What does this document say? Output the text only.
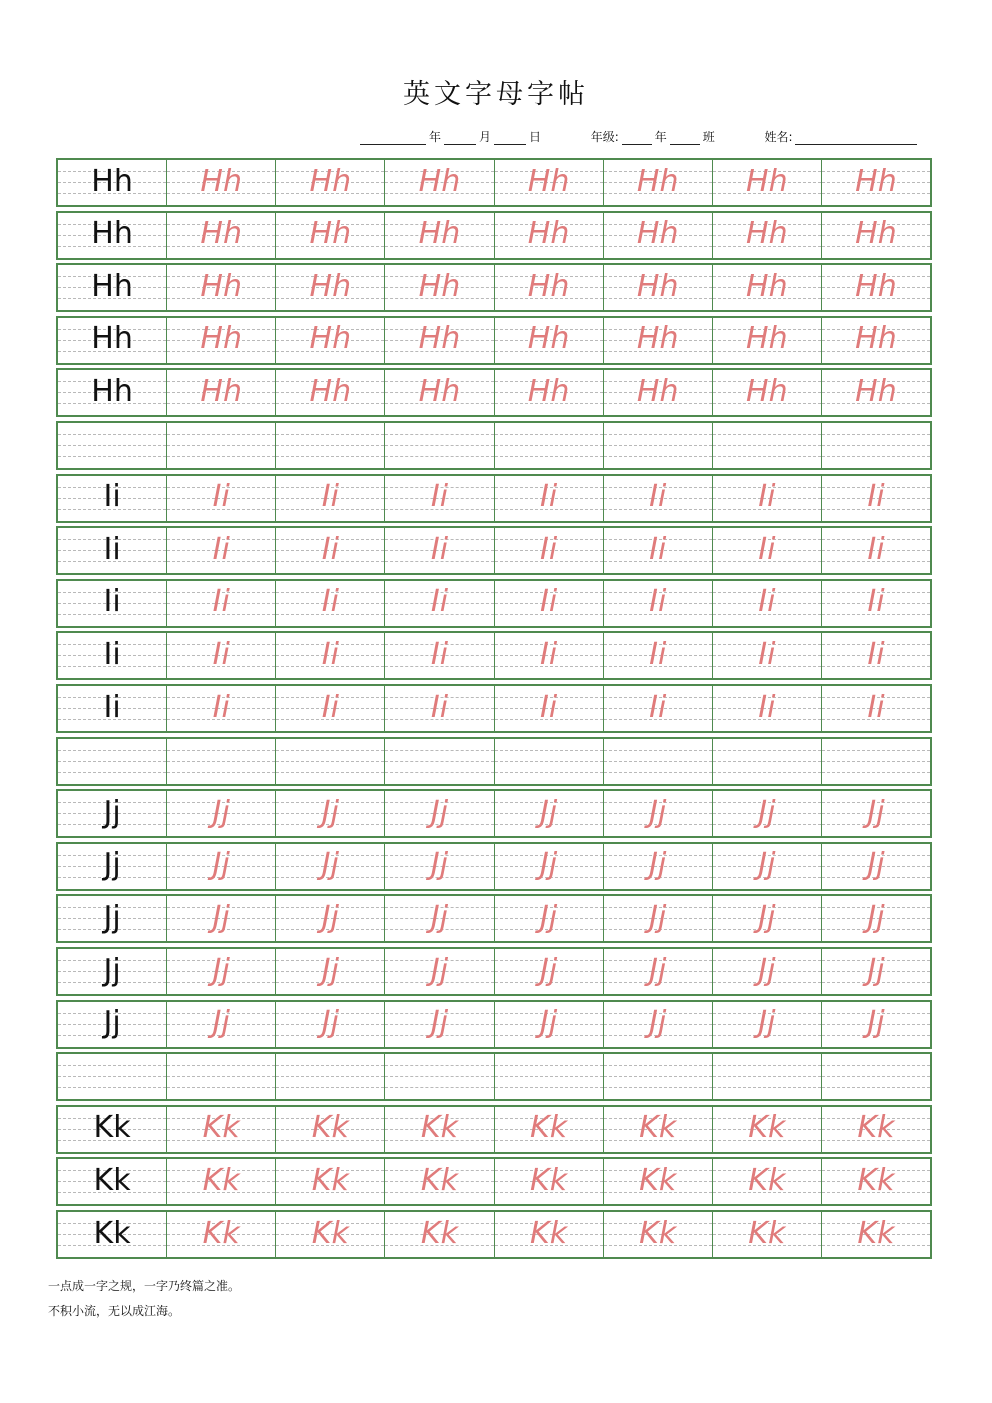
英文字母字帖
年	月	日	年级:	年	班	姓名:
Hh	Hh	Hh	Hh	Hh	Hh	Hh	Hh
Hh	Hh	Hh	Hh	Hh	Hh	Hh	Hh
Hh	Hh	Hh	Hh	Hh	Hh	Hh	Hh
Hh	Hh	Hh	Hh	Hh	Hh	Hh	Hh
Hh	Hh	Hh	Hh	Hh	Hh	Hh	Hh
Ii	Ii	Ii	Ii	Ii	Ii	Ii	Ii
Ii	Ii	Ii	Ii	Ii	Ii	Ii	Ii
Ii	Ii	Ii	Ii	Ii	Ii	Ii	Ii
Ii	Ii	Ii	Ii	Ii	Ii	Ii	Ii
Ii	Ii	Ii	Ii	Ii	Ii	Ii	Ii
Jj	Jj	Jj	Jj	Jj	Jj	Jj	Jj
Jj	Jj	Jj	Jj	Jj	Jj	Jj	Jj
Jj	Jj	Jj	Jj	Jj	Jj	Jj	Jj
Jj	Jj	Jj	Jj	Jj	Jj	Jj	Jj
Jj	Jj	Jj	Jj	Jj	Jj	Jj	Jj
Kk	Kk	Kk	Kk	Kk	Kk	Kk	Kk
Kk	Kk	Kk	Kk	Kk	Kk	Kk	Kk
Kk	Kk	Kk	Kk	Kk	Kk	Kk	Kk
一点成一字之规，一字乃终篇之准。
不积小流，无以成江海。
